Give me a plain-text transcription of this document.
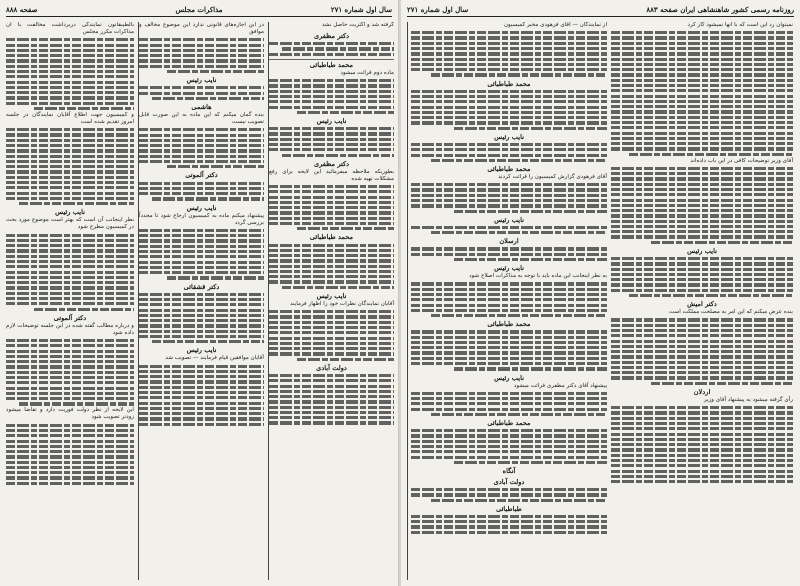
صفحه ۸۸۸	مذاکرات مجلس	سال اول شماره ۲۷۱
گرفته شد و اکثریت حاصل نشد
دکتر مظفری
محمد طباطبائی
ماده دوم قرائت میشود
نایب رئیس
دکتر مظفری
بطوریکه ملاحظه میفرمائید این لایحه برای رفع مشکلات تهیه شده
محمد طباطبائی
نایب رئیس
آقایان نمایندگان نظرات خود را اظهار فرمایند
دولت آبادی
در این اجازه‌های قانونی ندارد این موضوع مخالف و موافق
نایب رئیس
هاشمی
بنده گمان میکنم که این ماده به این صورت قابل تصویب نیست
دکتر آلموتی
نایب رئیس
پیشنهاد میکنم ماده به کمیسیون ارجاع شود تا مجدداً بررسی گردد
دکتر قشقائی
نایب رئیس
آقایان موافقین قیام فرمایند — تصویب شد
بالطیبقانون نمایندگی دربرداشت مخالفت با آن مذاکرات مکرر مجلس
و کمیسیون جهت اطلاع آقایان نمایندگان در جلسه امروز تقدیم شده است
نایب رئیس
نظر اینجانب آن است که بهتر است موضوع مورد بحث در کمیسیون مطرح شود
دکتر آلموتی
و درباره مطالب گفته شده در این جلسه توضیحات لازم داده شود
این لایحه از نظر دولت فوریت دارد و تقاضا میشود زودتر تصویب شود
سال اول شماره ۲۷۱	روزنامه رسمی کشور شاهنشاهی ایران صفحه ۸۸۳
نمیتوان رد این است که با آنها نمیشود کار کرد
آقای وزیر توضیحات کافی در این باب داده‌اند
نایب رئیس
دکتر امیش
بنده عرض میکنم که این امر به مصلحت مملکت است
اردلان
رأی گرفته میشود به پیشنهاد آقای وزیر
از نمایندگان — آقای فرهودی مخبر کمیسیون
محمد طباطبائی
نایب رئیس
محمد طباطبائی
آقای فرهودی گزارش کمیسیون را قرائت کردند
نایب رئیس
ارسلان
نایب رئیس
به نظر اینجانب این ماده باید با توجه به مذاکرات اصلاح شود
محمد طباطبائی
نایب رئیس
پیشنهاد آقای دکتر مظفری قرائت میشود
محمد طباطبائی
آنگاه
دولت آبادی
طباطبائی
